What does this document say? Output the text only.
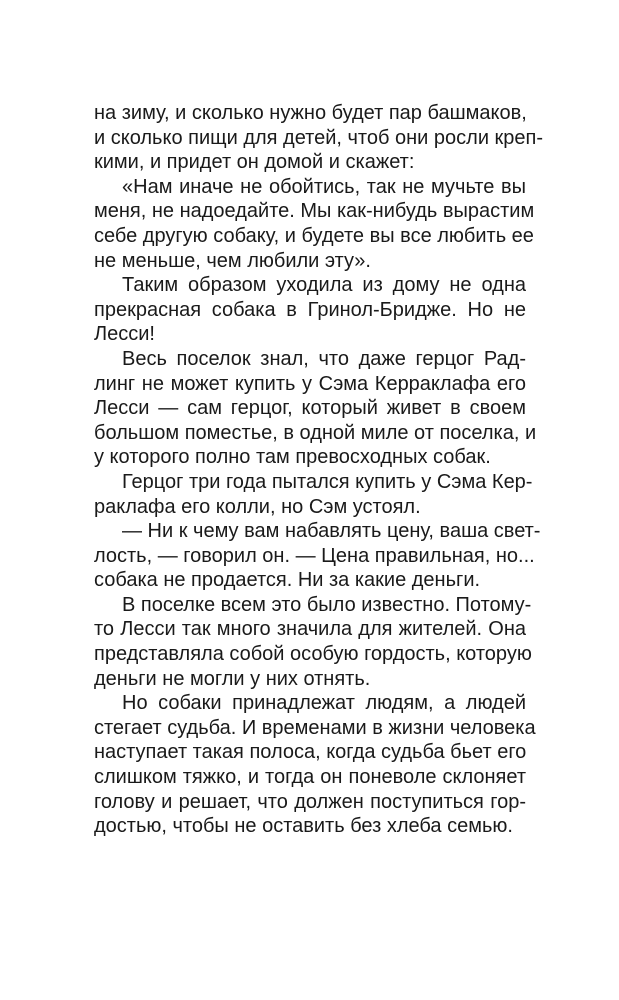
на зиму, и сколько нужно будет пар башмаков,
и сколько пищи для детей, чтоб они росли креп-
кими, и придет он домой и скажет:
«Нам иначе не обойтись, так не мучьте вы
меня, не надоедайте. Мы как-нибудь вырастим
себе другую собаку, и будете вы все любить ее
не меньше, чем любили эту».
Таким образом уходила из дому не одна
прекрасная собака в Гринол-Бридже. Но не
Лесси!
Весь поселок знал, что даже герцог Рад-
линг не может купить у Сэма Керраклафа его
Лесси — сам герцог, который живет в своем
большом поместье, в одной миле от поселка, и
у которого полно там превосходных собак.
Герцог три года пытался купить у Сэма Кер-
раклафа его колли, но Сэм устоял.
— Ни к чему вам набавлять цену, ваша свет-
лость, — говорил он. — Цена правильная, но...
собака не продается. Ни за какие деньги.
В поселке всем это было известно. Потому-
то Лесси так много значила для жителей. Она
представляла собой особую гордость, которую
деньги не могли у них отнять.
Но собаки принадлежат людям, а людей
стегает судьба. И временами в жизни человека
наступает такая полоса, когда судьба бьет его
слишком тяжко, и тогда он поневоле склоняет
голову и решает, что должен поступиться гор-
достью, чтобы не оставить без хлеба семью.
